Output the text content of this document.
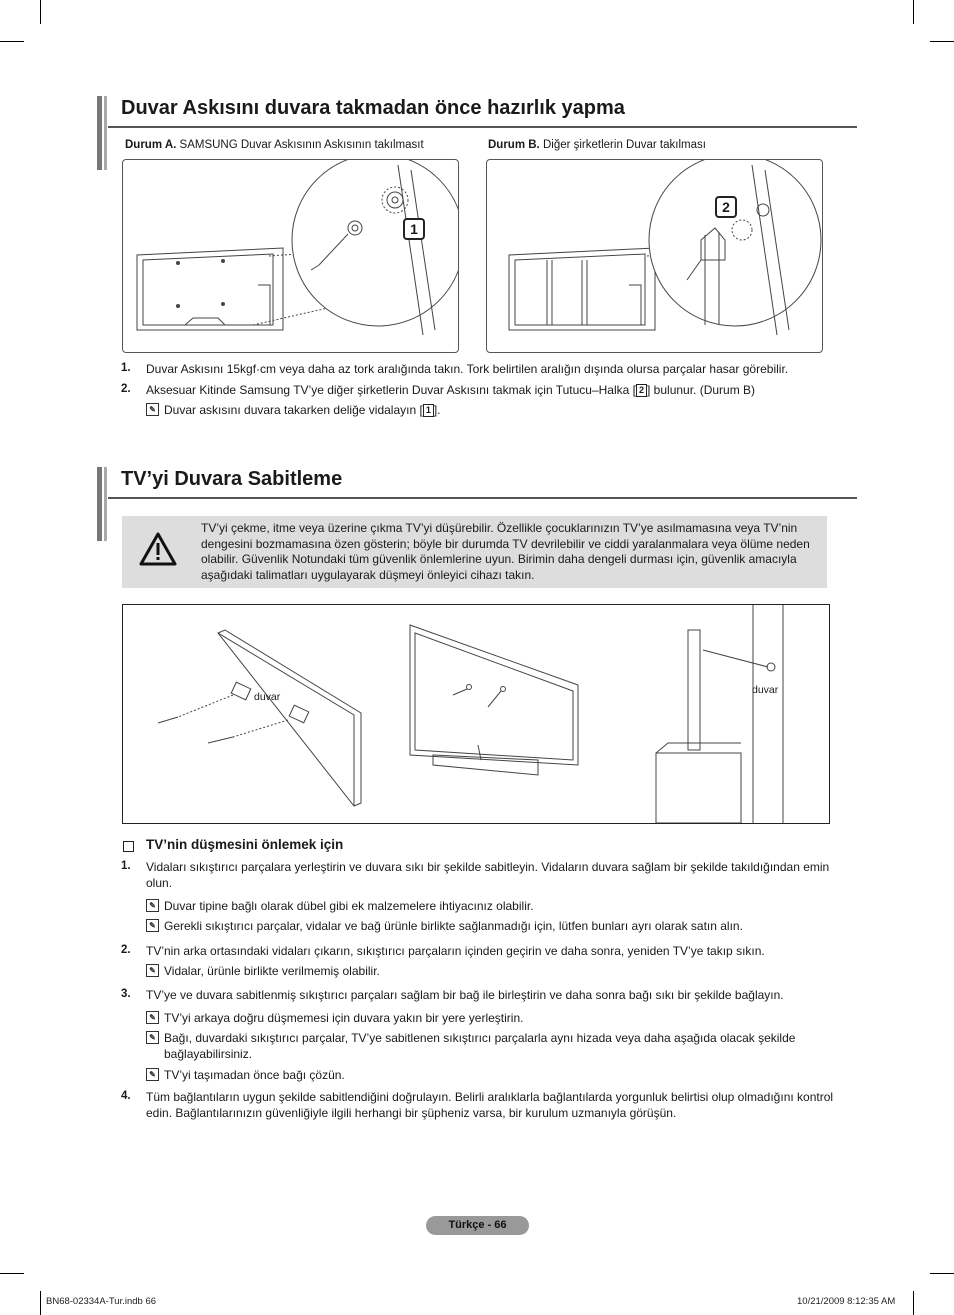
Duvar Askısını duvara takmadan önce hazırlık yapma
Durum A. SAMSUNG Duvar Askısının Askısının takılmasıt	Durum B. Diğer şirketlerin Duvar takılması
1
2
1. Duvar Askısını 15kgf·cm veya daha az tork aralığında takın. Tork belirtilen aralığın dışında olursa parçalar hasar görebilir.
2. Aksesuar Kitinde Samsung TV’ye diğer şirketlerin Duvar Askısını takmak için Tutucu–Halka [ 2 ] bulunur. (Durum B)
✎ Duvar askısını duvara takarken deliğe vidalayın [ 1 ].
TV’yi Duvara Sabitleme
TV’yi çekme, itme veya üzerine çıkma TV’yi düşürebilir. Özellikle çocuklarınızın TV’ye asılmamasına veya TV’nin dengesini bozmamasına özen gösterin; böyle bir durumda TV devrilebilir ve ciddi yaralanmalara veya ölüme neden olabilir. Güvenlik Notundaki tüm güvenlik önlemlerine uyun. Birimin daha dengeli durması için, güvenlik amacıyla aşağıdaki talimatları uygulayarak düşmeyi önleyici cihazı takın.
duvar
duvar
TV’nin düşmesini önlemek için
1. Vidaları sıkıştırıcı parçalara yerleştirin ve duvara sıkı bir şekilde sabitleyin. Vidaların duvara sağlam bir şekilde takıldığından emin olun.
✎ Duvar tipine bağlı olarak dübel gibi ek malzemelere ihtiyacınız olabilir.
✎ Gerekli sıkıştırıcı parçalar, vidalar ve bağ ürünle birlikte sağlanmadığı için, lütfen bunları ayrı olarak satın alın.
2. TV’nin arka ortasındaki vidaları çıkarın, sıkıştırıcı parçaların içinden geçirin ve daha sonra, yeniden TV’ye takıp sıkın.
✎ Vidalar, ürünle birlikte verilmemiş olabilir.
3. TV’ye ve duvara sabitlenmiş sıkıştırıcı parçaları sağlam bir bağ ile birleştirin ve daha sonra bağı sıkı bir şekilde bağlayın.
✎ TV’yi arkaya doğru düşmemesi için duvara yakın bir yere yerleştirin.
✎ Bağı, duvardaki sıkıştırıcı parçalar, TV’ye sabitlenen sıkıştırıcı parçalarla aynı hizada veya daha aşağıda olacak şekilde bağlayabilirsiniz.
✎ TV’yi taşımadan önce bağı çözün.
4. Tüm bağlantıların uygun şekilde sabitlendiğini doğrulayın. Belirli aralıklarla bağlantılarda yorgunluk belirtisi olup olmadığını kontrol edin. Bağlantılarınızın güvenliğiyle ilgili herhangi bir şüpheniz varsa, bir kurulum uzmanıyla görüşün.
Türkçe - 66
BN68-02334A-Tur.indb 66	10/21/2009 8:12:35 AM
